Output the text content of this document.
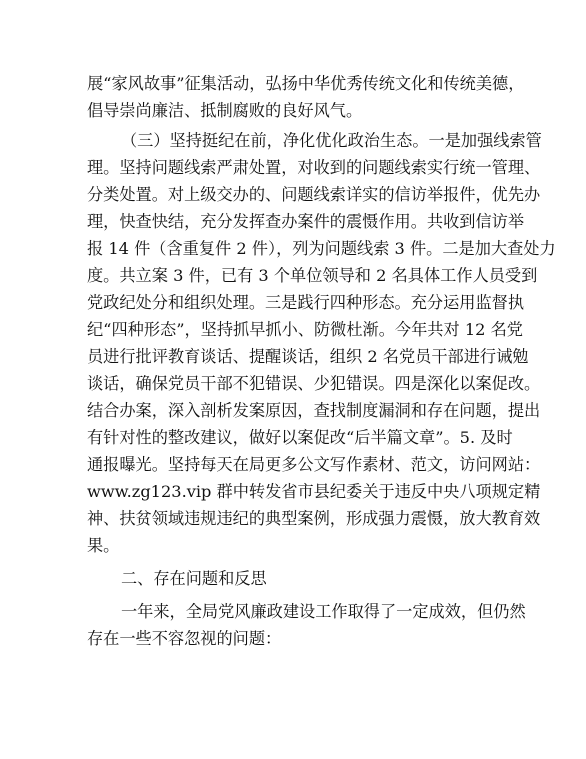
展“家风故事”征集活动，弘扬中华优秀传统文化和传统美德，
倡导崇尚廉洁、抵制腐败的良好风气。
（三）坚持挺纪在前，净化优化政治生态。一是加强线索管
理。坚持问题线索严肃处置，对收到的问题线索实行统一管理、
分类处置。对上级交办的、问题线索详实的信访举报件，优先办
理，快查快结，充分发挥查办案件的震慑作用。共收到信访举
报 14 件（含重复件 2 件），列为问题线索 3 件。二是加大查处力
度。共立案 3 件，已有 3 个单位领导和 2 名具体工作人员受到
党政纪处分和组织处理。三是践行四种形态。充分运用监督执
纪“四种形态”，坚持抓早抓小、防微杜渐。今年共对 12 名党
员进行批评教育谈话、提醒谈话，组织 2 名党员干部进行诫勉
谈话，确保党员干部不犯错误、少犯错误。四是深化以案促改。
结合办案，深入剖析发案原因，查找制度漏洞和存在问题，提出
有针对性的整改建议，做好以案促改“后半篇文章”。5. 及时
通报曝光。坚持每天在局更多公文写作素材、范文，访问网站：
www.zg123.vip 群中转发省市县纪委关于违反中央八项规定精
神、扶贫领域违规违纪的典型案例，形成强力震慑，放大教育效
果。
二、存在问题和反思
一年来，全局党风廉政建设工作取得了一定成效，但仍然
存在一些不容忽视的问题：
